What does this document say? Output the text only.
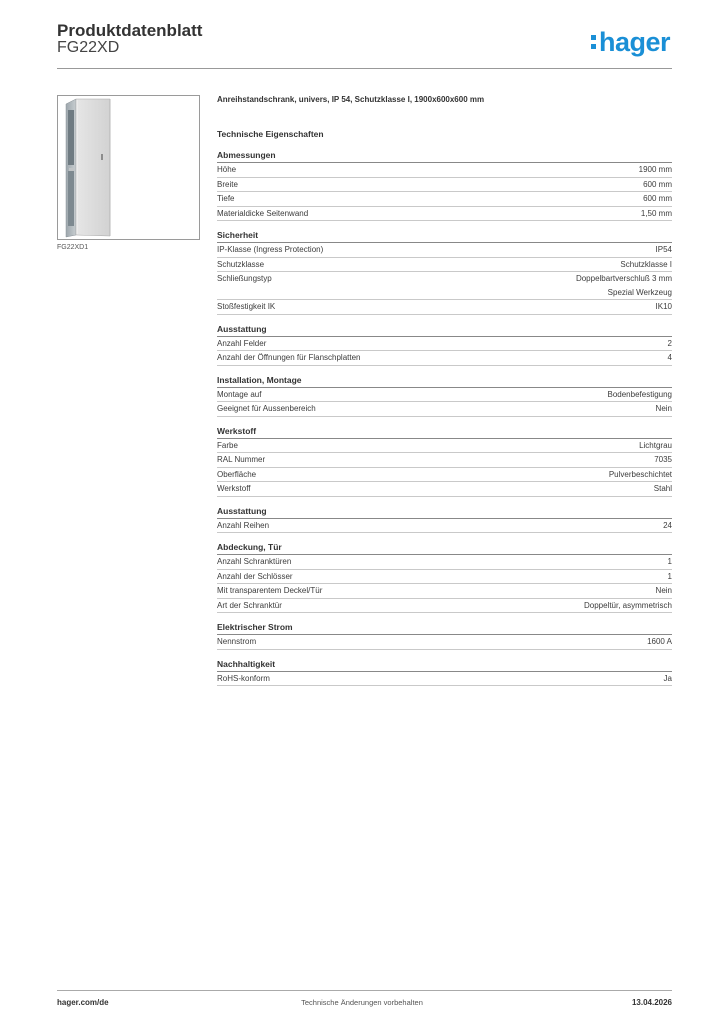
Produktdatenblatt
FG22XD	hager
FG22XD1
Anreihstandschrank, univers, IP 54, Schutzklasse I, 1900x600x600 mm
Technische Eigenschaften
Abmessungen
Höhe	1900 mm
Breite	600 mm
Tiefe	600 mm
Materialdicke Seitenwand	1,50 mm
Sicherheit
IP-Klasse (Ingress Protection)	IP54
Schutzklasse	Schutzklasse I
Schließungstyp	Doppelbartverschluß 3 mm
Spezial Werkzeug
Stoßfestigkeit IK	IK10
Ausstattung
Anzahl Felder	2
Anzahl der Öffnungen für Flanschplatten	4
Installation, Montage
Montage auf	Bodenbefestigung
Geeignet für Aussenbereich	Nein
Werkstoff
Farbe	Lichtgrau
RAL Nummer	7035
Oberfläche	Pulverbeschichtet
Werkstoff	Stahl
Ausstattung
Anzahl Reihen	24
Abdeckung, Tür
Anzahl Schranktüren	1
Anzahl der Schlösser	1
Mit transparentem Deckel/Tür	Nein
Art der Schranktür	Doppeltür, asymmetrisch
Elektrischer Strom
Nennstrom	1600 A
Nachhaltigkeit
RoHS-konform	Ja
hager.com/de	Technische Änderungen vorbehalten	13.04.2026
